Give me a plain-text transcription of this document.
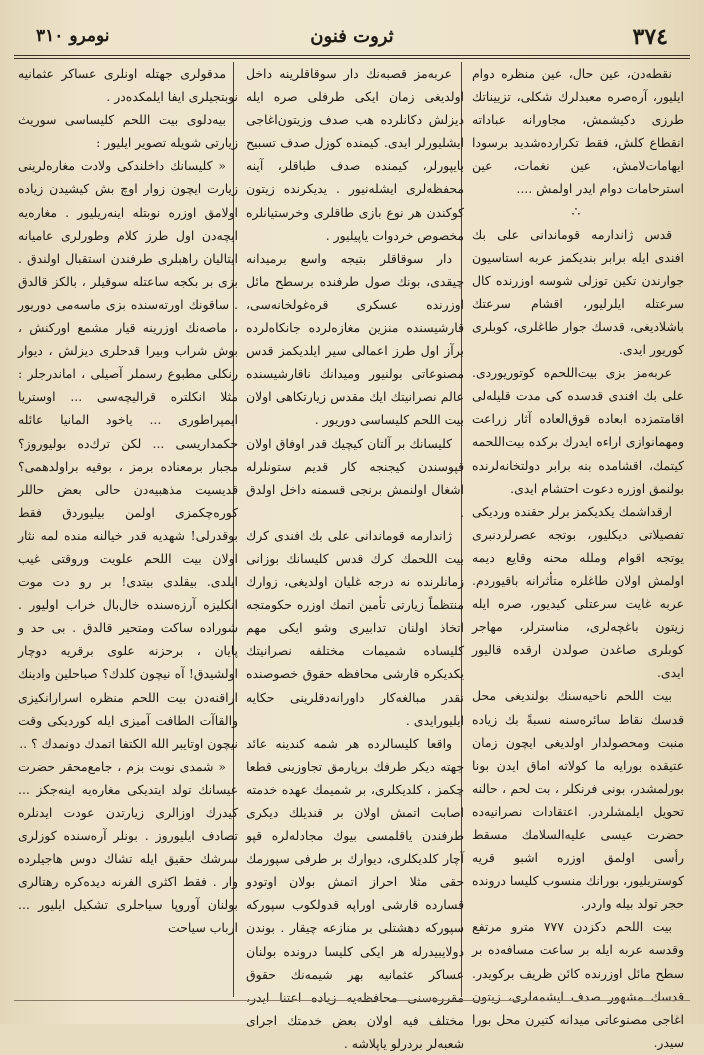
۳۷٤
ثروت فنون
نومرو ۳۱۰

نقطه‌دن، عین حال، عین منظره دوام ایلیور، آره‌صره معبدلرك شكلی، تزییناتك طرزی دكیشمش، مجاورانه عباداته انقطاع كلش، فقط تكرارده‌شدید برسودا ایهامات‌لامش، عین نغمات، عین استرحامات دوام ایدر اولمش ....

∴

قدس ژاندارمه قوماندانی علی بك افندی ایله برابر بندیكمز عربه استاسیون جوارندن تكین توزلی شوسه اوزرنده كال سرعتله ایلرلیور، اقشام سرعتك باشلادیغی، قدسك جوار طاغلری، كوبلری كوریور ایدی.

عربه‌مز بزی بیت‌اللحم‌ه كوتوریوردی. علی بك افندی قدسده كی مدت قلیله‌لی اقامتمزده ابعاده قوق‌العاده آثار زراعت ومهمانوازی اراءه ایدرك بركده بیت‌اللحمه كیتمك، اقشامده بنه برابر دولتخانه‌لرنده بولنمق اوزره دعوت احتشام ایدی.

ارقداشمك یكدیكمز برلر حقنده وردیكی تفصیلاتی دیكلیور، بوتجه عصرلردنبری یوتجه اقوام وملله محنه وقایع دیمه اولمش اولان طاغلره متأثرانه باقیوردم. عربه غایت سرعتلی كیدیور، صره ایله زیتون باغچه‌لری، مناسترلر، مهاجر كوبلری صاغدن صولدن ارقده قالیور ایدی.

بیت اللحم ناحیه‌سنك بولندیغی محل قدسك نقاط سائره‌سنه نسبةً بك زیاده منبت ومحصولدار اولدیغی ایچون زمان عتیقده بورایه ما كولاته اماق ایدن بونا بورلمشدر، بونی فرنكلر ، بت لحم ، حالنه تحویل ایلمشلردر. اعتقادات نصرانیه‌ده حضرت عیسی علیه‌السلامك مسقط رأسی اولمق اوزره اشبو قریه كوستریلیور، بورانك منسوب كلیسا درونده حجر تولد بیله واردر.

بیت اللحم دكزدن ۷۷۷ مترو مرتفع وقدسه عربه ایله بر ساعت مسافه‌ده بر سطح مائل اوزرنده كائن ظریف بركویدر. قدسك مشهور صدف ایشمه‌لری، زیتون اغاجی مصنوعاتی میدانه كتیرن محل بورا سیدر.

عربه‌مز قصبه‌نك دار سوقاقلرینه داخل اولدیغی زمان ایكی طرفلی صره ایله دیزلش دكانلرده هب صدف وزیتون‌اغاجی ایشلیورلر ایدی. كیمنده كوزل صدف تسبیح بایپورلر، كیمنده صدف طباقلر، آینه محفظه‌لری ایشله‌نیور . یدیكرنده زیتون كوكندن هر نوع بازی طاقلری وخرستیانلره مخصوص خردوات یاپیلیور .

دار سوقاقلر بتیجه واسع برمیدانه چیقدی، بونك صول طرفنده برسطح مائل اوزرنده عسكری قره‌غولخانه‌سی، قارشیسنده منزین مغازه‌لرده جانكاه‌لرده برآز اول طرز اعمالی سیر ایلدیكمز قدس مصنوعاتی بولنیور ومیدانك ناقارشیسنده عالم نصرانیتك ایك مقدس زیارتكاهی اولان بیت اللحم كلیساسی دوریور .

كلیسانك بر آلتان كیچیك قدر اوفاق اولان قپوسندن كیجنجه كار قدیم ستونلرله اشغال اولنمش برنجی قسمنه داخل اولدق .

ژاندارمه قوماندانی علی بك افندی كرك بیت اللحمك كرك قدس كلیسانك بوزانی زمانلرنده نه درجه غلیان اولدیغی، زوارك منتظماً زیارتی تأمین اتمك اوزره حكومتجه اتخاذ اولنان تدابیری وشو ایكی مهم كلیساده شمیمات مختلفه نصرانیتك یكدیكره قارشی محافظه حقوق خصوصنده نقدر مبالغه‌كار داورانه‌دقلرینی حكایه ایلیورایدی .

واقعا كلیسالرده هر شمه كندینه عائد جهته دیكر طرفك برپارمق تجاوزینی قطعا چكمز ، كلدیكلری، بر شمیمك عهده خدمته اصابت اتمش اولان بر قندیلك دیكری طرفندن یاقلمسی بیوك مجادله‌لره قپو آچار كلدیكلری، دیوارك بر طرفی سپورمك حقی مثلا احراز اتمش بولان اوتودو قسارده قارشی اوراپه قدولكوب سپوركه سپوركه دهشتلی بر منازعه چیقار . بوندن دولایبیدرله هر ایكی كلیسا درونده بولنان عساكر عثمانیه بهر شیمه‌نك حقوق مقرره‌سنی محافظه‌یه زیاده اعتنا ایدر، مختلف فیه اولان بعض خدمتك اجرای شعبه‌لر بردرلو یاپلاشه .

مدقولری جهتله اونلری عساكر عثمانیه نوبتجیلری ایفا ایلمكده‌در .

بیه‌دلوی بیت اللحم كلیساسی سوریث زیارتی شویله تصویر ایلیور :

« كلیسانك داخلندکی ولادت مغاره‌لرینی زیارت ایچون زوار اوچ بش كیشیدن زیاده اولامق اوزره نوبتله اینه‌ریلیور . مغاره‌یه ایچه‌دن اول طرز كلام وطورلری عامیانه ایتالیان راهبلری طرفندن استقبال اولندق . بزی بر بكجه ساعتله سوقیلر ، بالكز قالدق . ساقونك اورته‌سنده بزی ماسه‌می دوریور ، ماصه‌نك اوزرینه قیار مشمع اوركنش ، بوش شراب وبیرا قدحلری دیزلش ، دیوار رنكلی مطبوع رسملر آصیلی ، اماندرجلر : مثلا انكلتره قرالیچه‌سی ... اوستریا ایمپراطوری ... یاخود المانیا عائله حكمداریسی ... لكن ترك‌ده بولیوروز؟ مجبار برمعنا‌ده برمز ، بوقیه براولدهمی؟ قدیسیت مذهبیه‌دن حالی بعض حاللر كوره‌چكمزی اولمن بیلیوردق فقط بوقدرلی! شهدیه قدر خیالنه منده لمه نثار اولان بیت اللحم علویت وروقتی غیب ایلدی. بیقلدی بیتدی! بر رو دت موت انكلیزه آرزه‌سنده خال‌بال خراب اولیور . شوراده ساكت ومتحیر قالدق . بی حد و پایان ، برحزنه علوی برقریه دوچار اولشیدق! آه نیچون كلدك؟ صباحلین وادینك اراقنه‌دن بیت اللحم منظره اسرارانكیزی والقاآت الطافت آمیزی ایله كوردیكی وقت نیچون اوتایبر الله الكتفا اتمدك دونمدك ؟ ..

« شمدی نوبت بزم ، جامع‌محقر حضرت عیسانك تولد ایتدیكی مغاره‌یه اینه‌جكز ... كیدرك اوزالری زیارتدن عودت ایدنلره تصادف ایلیوروز . بونلر آره‌سنده كوزلری سرشك حقیق ایله تشاك دوس هاجیلرده وار . فقط اكثری الفرنه دیده‌كره رهتالری بولنان آوروپا سیاحلری تشكیل ایلیور ... ارباب سیاحت
